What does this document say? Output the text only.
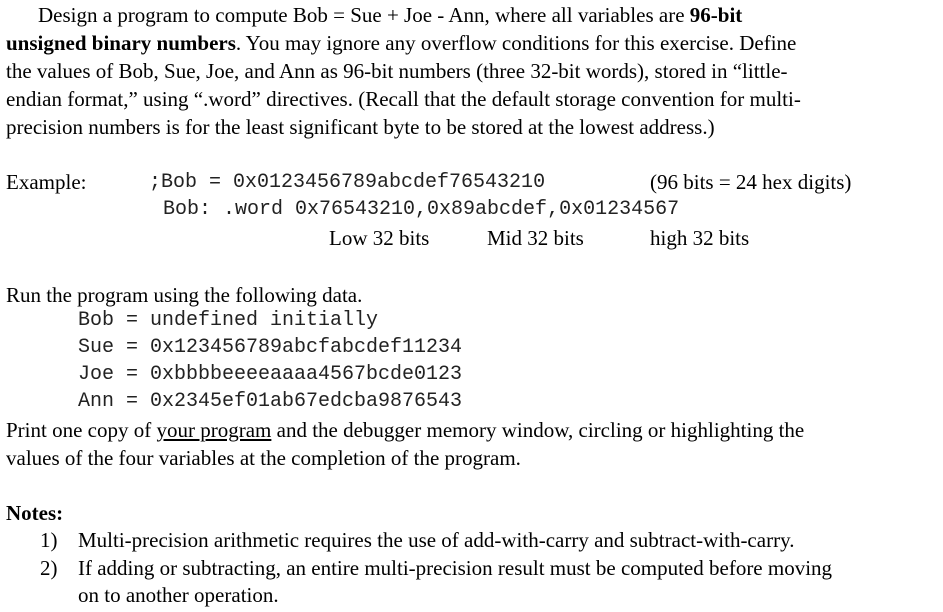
Design a program to compute Bob = Sue + Joe - Ann, where all variables are 96-bit
unsigned binary numbers. You may ignore any overflow conditions for this exercise. Define
the values of Bob, Sue, Joe, and Ann as 96-bit numbers (three 32-bit words), stored in “little-
endian format,” using “.word” directives. (Recall that the default storage convention for multi-
precision numbers is for the least significant byte to be stored at the lowest address.)
Example:	;Bob = 0x0123456789abcdef76543210	(96 bits = 24 hex digits)
Bob: .word 0x76543210,0x89abcdef,0x01234567
Low 32 bits	Mid 32 bits	high 32 bits
Run the program using the following data.
Bob = undefined initially
Sue = 0x123456789abcfabcdef11234
Joe = 0xbbbbeeeeaaaa4567bcde0123
Ann = 0x2345ef01ab67edcba9876543
Print one copy of your program and the debugger memory window, circling or highlighting the
values of the four variables at the completion of the program.
Notes:
1) Multi-precision arithmetic requires the use of add-with-carry and subtract-with-carry.
2) If adding or subtracting, an entire multi-precision result must be computed before moving
on to another operation.
